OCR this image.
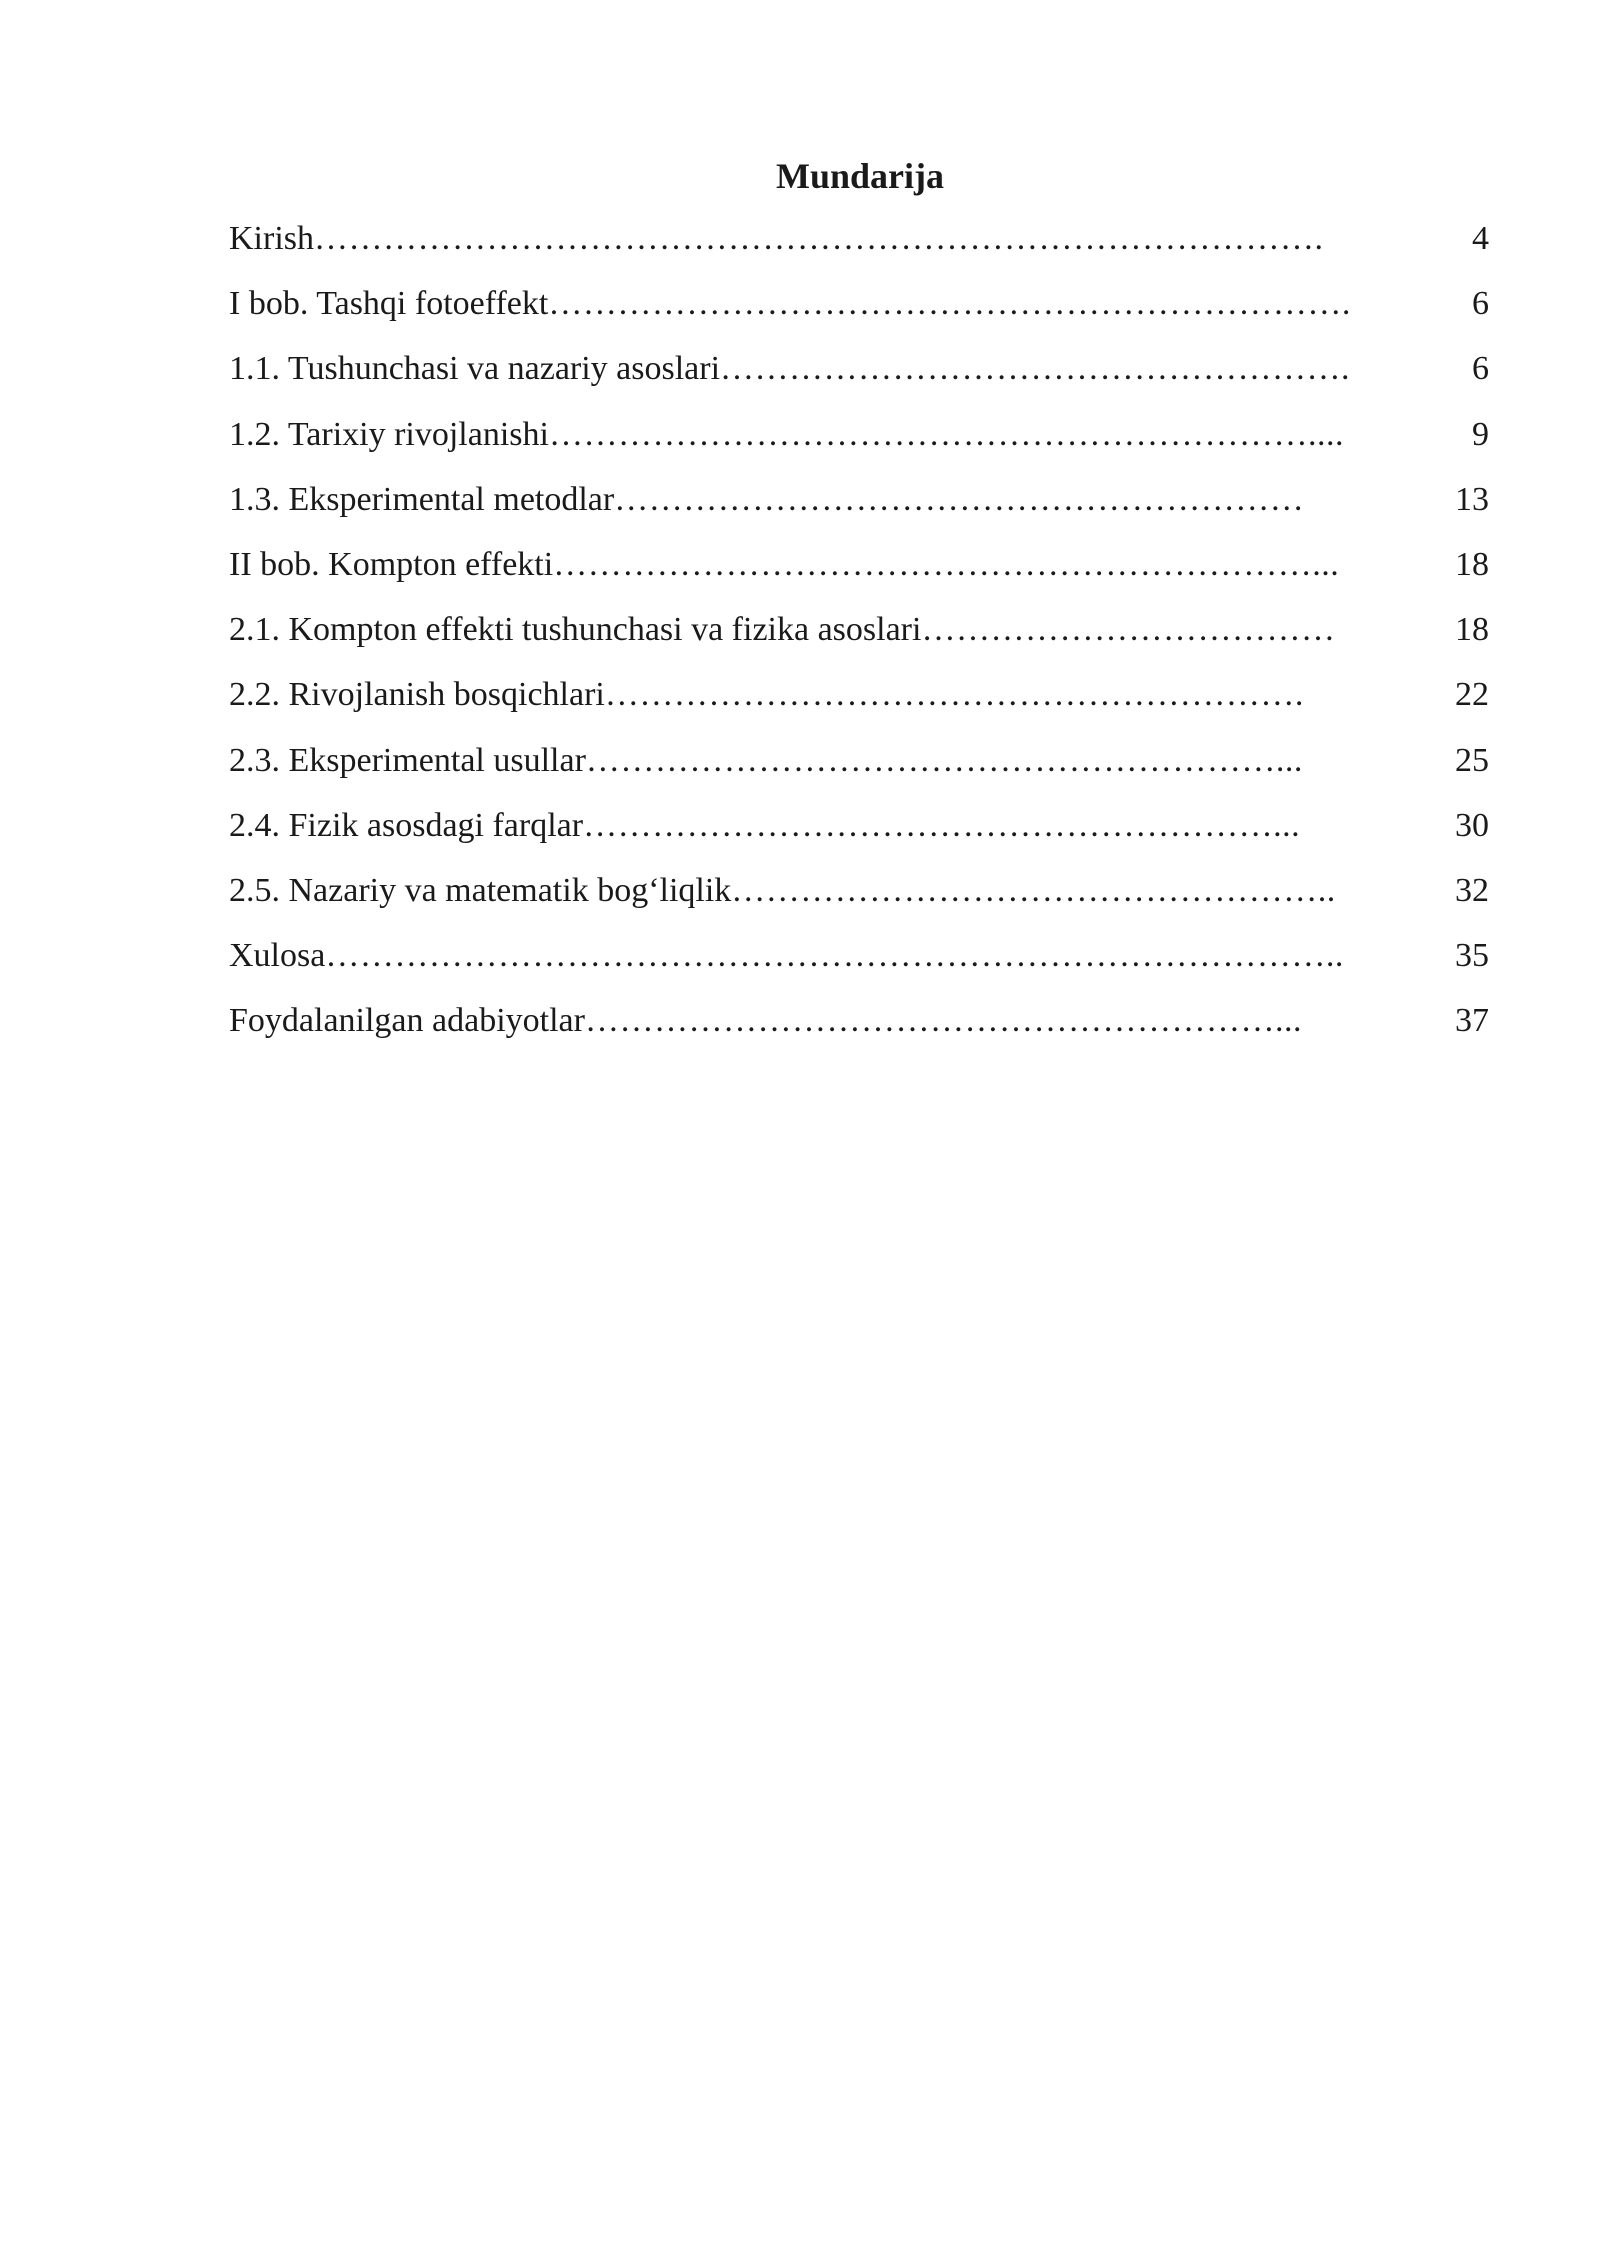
Mundarija
Kirish …………………………………………………………………………….	4
I bob. Tashqi fotoeffekt …………………………………………………………….	6
1.1. Tushunchasi va nazariy asoslari ……………………………………………….	6
1.2. Tarixiy rivojlanishi …………………………………………………………....	9
1.3. Eksperimental metodlar ……………………………………………………	13
II bob. Kompton effekti …………………………………………………………...	18
2.1. Kompton effekti tushunchasi va fizika asoslari ………………………………	18
2.2. Rivojlanish bosqichlari …………………………………………………….	22
2.3. Eksperimental usullar ……………………………………………………...	25
2.4. Fizik asosdagi farqlar ……………………………………………………...	30
2.5. Nazariy va matematik bog‘liqlik ……………………………………………..	32
Xulosa ……………………………………………………………………………..	35
Foydalanilgan adabiyotlar ……………………………………………………...	37
